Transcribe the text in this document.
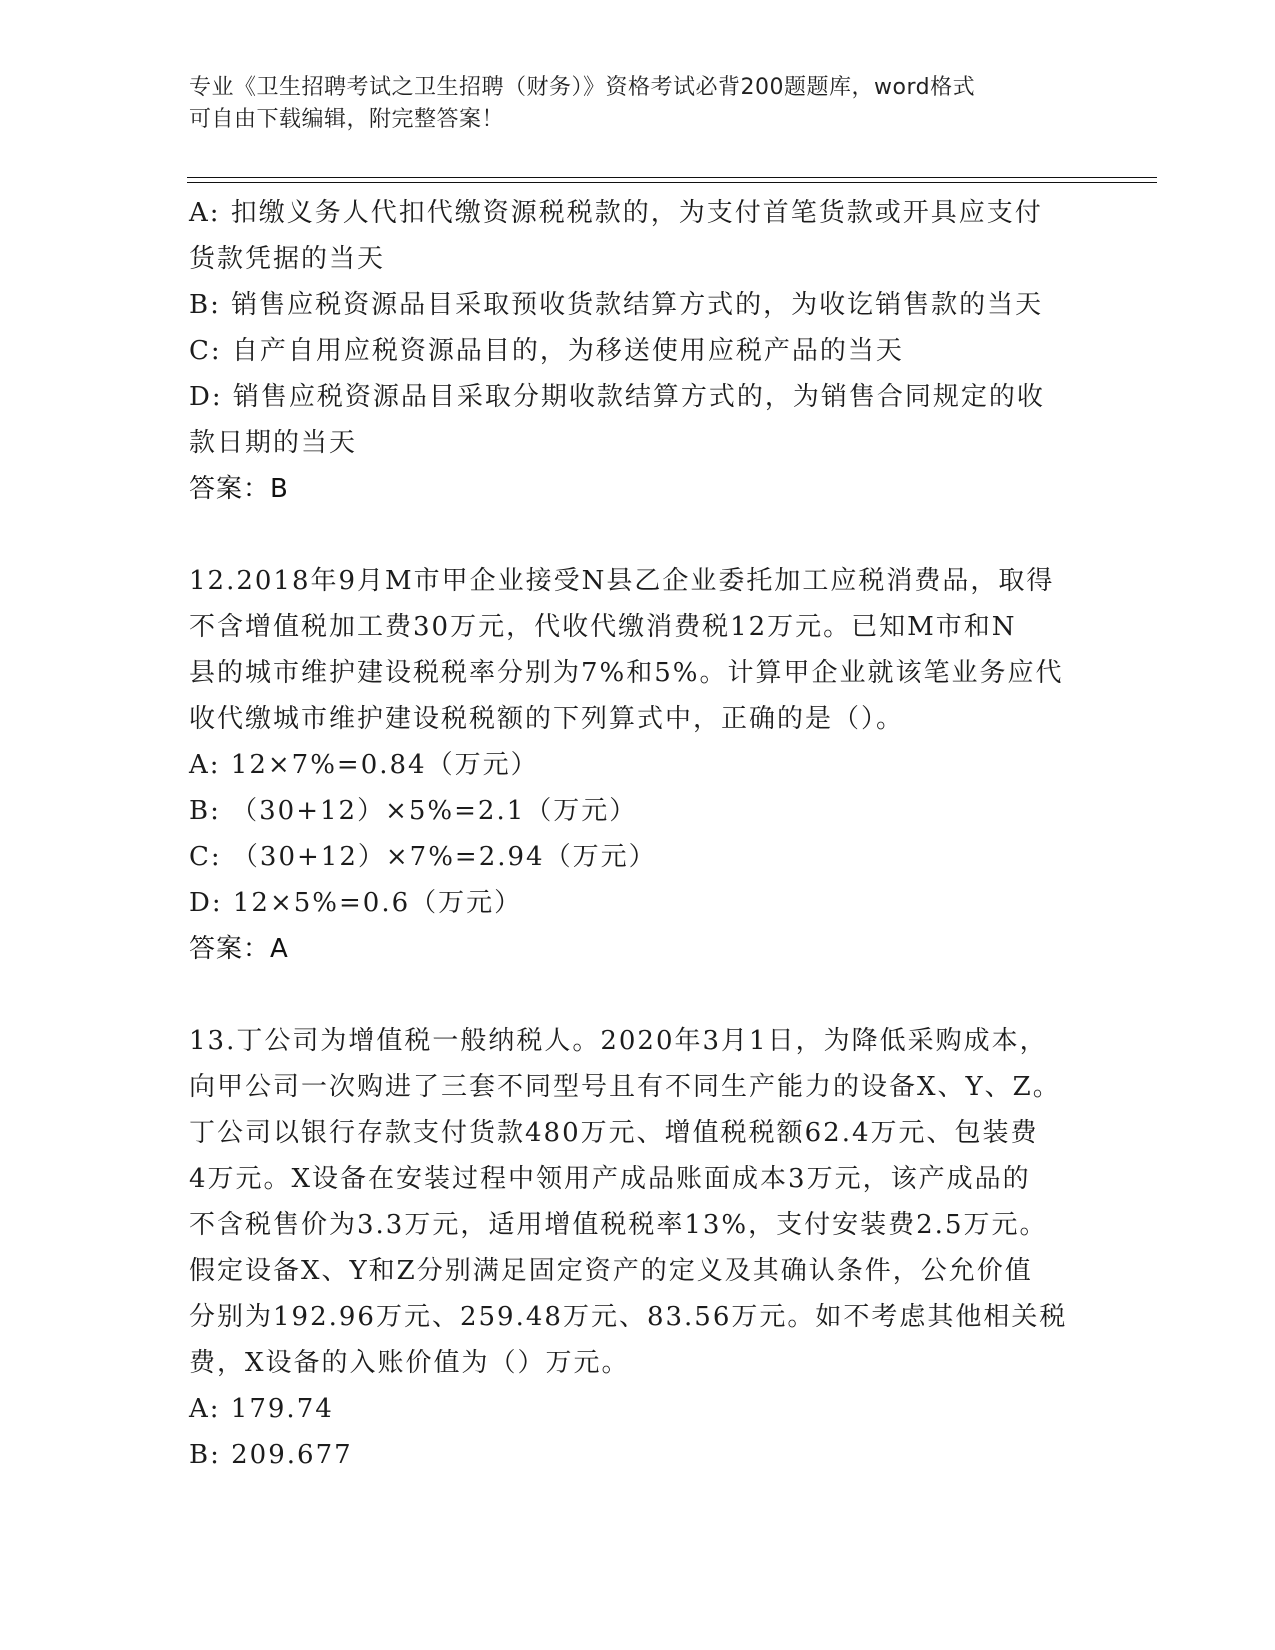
专业《卫生招聘考试之卫生招聘（财务）》资格考试必背200题题库，word格式
可自由下载编辑，附完整答案！
A: 扣缴义务人代扣代缴资源税税款的，为支付首笔货款或开具应支付
货款凭据的当天
B: 销售应税资源品目采取预收货款结算方式的，为收讫销售款的当天
C: 自产自用应税资源品目的，为移送使用应税产品的当天
D: 销售应税资源品目采取分期收款结算方式的，为销售合同规定的收
款日期的当天
答案：B
12.2018年9月M市甲企业接受N县乙企业委托加工应税消费品，取得
不含增值税加工费30万元，代收代缴消费税12万元。已知M市和N
县的城市维护建设税税率分别为7%和5%。计算甲企业就该笔业务应代
收代缴城市维护建设税税额的下列算式中，正确的是（）。
A: 12×7%=0.84（万元）
B: （30+12）×5%=2.1（万元）
C: （30+12）×7%=2.94（万元）
D: 12×5%=0.6（万元）
答案：A
13.丁公司为增值税一般纳税人。2020年3月1日，为降低采购成本，
向甲公司一次购进了三套不同型号且有不同生产能力的设备X、Y、Z。
丁公司以银行存款支付货款480万元、增值税税额62.4万元、包装费
4万元。X设备在安装过程中领用产成品账面成本3万元，该产成品的
不含税售价为3.3万元，适用增值税税率13%，支付安装费2.5万元。
假定设备X、Y和Z分别满足固定资产的定义及其确认条件，公允价值
分别为192.96万元、259.48万元、83.56万元。如不考虑其他相关税
费，X设备的入账价值为（）万元。
A: 179.74
B: 209.677
